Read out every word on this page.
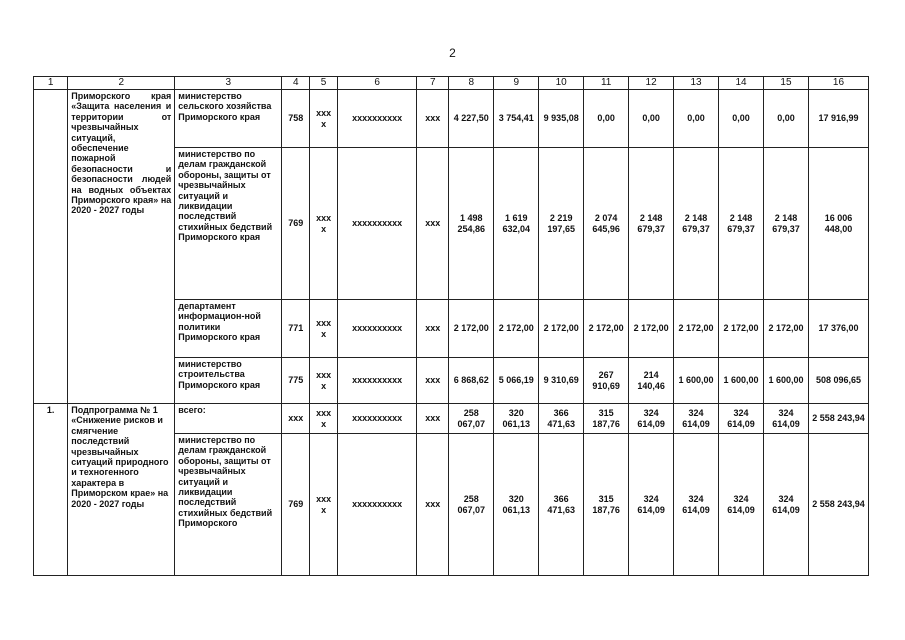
2
1	2	3	4	5	6	7	8	9	10	11	12	13	14	15	16

	Приморского края «Защита населения и территории от чрезвычайных ситуаций, обеспечение пожарной безопасности и безопасности людей на водных объектах Приморского края» на 2020 - 2027 годы	министерство сельского хозяйства Приморского края	758	xxx x	xxxxxxxxxx	xxx	4 227,50	3 754,41	9 935,08	0,00	0,00	0,00	0,00	0,00	17 916,99
		министерство по делам гражданской обороны, защиты от чрезвычайных ситуаций и ликвидации последствий стихийных бедствий Приморского края	769	xxx x	xxxxxxxxxx	xxx	1 498 254,86	1 619 632,04	2 219 197,65	2 074 645,96	2 148 679,37	2 148 679,37	2 148 679,37	2 148 679,37	16 006 448,00
		департамент информацион-ной политики Приморского края	771	xxx x	xxxxxxxxxx	xxx	2 172,00	2 172,00	2 172,00	2 172,00	2 172,00	2 172,00	2 172,00	2 172,00	17 376,00
		министерство строительства Приморского края	775	xxx x	xxxxxxxxxx	xxx	6 868,62	5 066,19	9 310,69	267 910,69	214 140,46	1 600,00	1 600,00	1 600,00	508 096,65
1.	Подпрограмма № 1 «Снижение рисков и смягчение последствий чрезвычайных ситуаций природного и техногенного характера в Приморском крае» на 2020 - 2027 годы	всего:	xxx	xxx x	xxxxxxxxxx	xxx	258 067,07	320 061,13	366 471,63	315 187,76	324 614,09	324 614,09	324 614,09	324 614,09	2 558 243,94
		министерство по делам гражданской обороны, защиты от чрезвычайных ситуаций и ликвидации последствий стихийных бедствий Приморского	769	xxx x	xxxxxxxxxx	xxx	258 067,07	320 061,13	366 471,63	315 187,76	324 614,09	324 614,09	324 614,09	324 614,09	2 558 243,94
